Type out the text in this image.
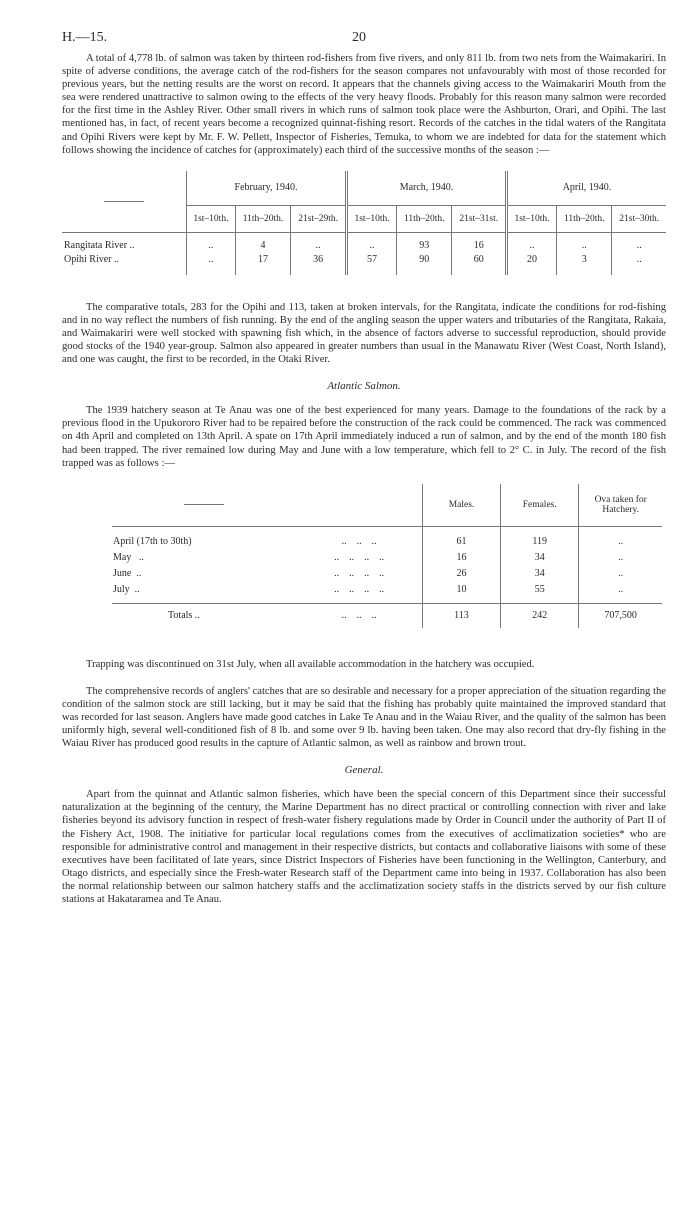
H.—15.	20

A total of 4,778 lb. of salmon was taken by thirteen rod-fishers from five rivers, and only 811 lb. from two nets from the Waimakariri. In spite of adverse conditions, the average catch of the rod-fishers for the season compares not unfavourably with most of those recorded for previous years, but the netting results are the worst on record. It appears that the channels giving access to the Waimakariri Mouth from the sea were rendered unattractive to salmon owing to the effects of the very heavy floods. Probably for this reason many salmon were recorded for the first time in the Ashley River. Other small rivers in which runs of salmon took place were the Ashburton, Orari, and Opihi. The last mentioned has, in fact, of recent years become a recognized quinnat-fishing resort. Records of the catches in the tidal waters of the Rangitata and Opihi Rivers were kept by Mr. F. W. Pellett, Inspector of Fisheries, Temuka, to whom we are indebted for data for the statement which follows showing the incidence of catches for (approximately) each third of the successive months of the season :—

	February, 1940.			March, 1940.			April, 1940.		
	1st–10th.	11th–20th.	21st–29th.	1st–10th.	11th–20th.	21st–31st.	1st–10th.	11th–20th.	21st–30th.
Rangitata River ..	..	4	..	..	93	16	..	..	..
Opihi River ..	..	17	36	57	90	60	20	3	..

The comparative totals, 283 for the Opihi and 113, taken at broken intervals, for the Rangitata, indicate the conditions for rod-fishing and in no way reflect the numbers of fish running. By the end of the angling season the upper waters and tributaries of the Rangitata, Rakaia, and Waimakariri were well stocked with spawning fish which, in the absence of factors adverse to successful reproduction, should provide good stocks of the 1940 year-group. Salmon also appeared in greater numbers than usual in the Manawatu River (West Coast, North Island), and one was caught, the first to be recorded, in the Otaki River.

Atlantic Salmon.

The 1939 hatchery season at Te Anau was one of the best experienced for many years. Damage to the foundations of the rack by a previous flood in the Upukororo River had to be repaired before the construction of the rack could be commenced. The rack was commenced on 4th April and completed on 13th April. A spate on 17th April immediately induced a run of salmon, and by the end of the month 180 fish had been trapped. The river remained low during May and June with a low temperature, which fell to 2° C. in July. The record of the fish trapped was as follows :—

		Males.	Females.	Ova taken for Hatchery.
April (17th to 30th)	..    ..    ..	61	119	..
May   ..	..    ..    ..    ..	16	34	..
June  ..	..    ..    ..    ..	26	34	..
July  ..	..    ..    ..    ..	10	55	..
Totals ..	..    ..    ..	113	242	707,500

Trapping was discontinued on 31st July, when all available accommodation in the hatchery was occupied.

The comprehensive records of anglers' catches that are so desirable and necessary for a proper appreciation of the situation regarding the condition of the salmon stock are still lacking, but it may be said that the fishing has probably quite maintained the improved standard that was recorded for last season. Anglers have made good catches in Lake Te Anau and in the Waiau River, and the quality of the salmon has been uniformly high, several well-conditioned fish of 8 lb. and some over 9 lb. having been taken. One may also record that dry-fly fishing in the Waiau River has produced good results in the capture of Atlantic salmon, as well as rainbow and brown trout.

General.

Apart from the quinnat and Atlantic salmon fisheries, which have been the special concern of this Department since their successful naturalization at the beginning of the century, the Marine Department has no direct practical or controlling connection with river and lake fisheries beyond its advisory function in respect of fresh-water fishery regulations made by Order in Council under the authority of Part II of the Fishery Act, 1908. The initiative for particular local regulations comes from the executives of acclimatization societies* who are responsible for administrative control and management in their respective districts, but contacts and collaborative liaisons with some of these executives have been facilitated of late years, since District Inspectors of Fisheries have been functioning in the Wellington, Canterbury, and Otago districts, and especially since the Fresh-water Research staff of the Department came into being in 1937. Collaboration has also been the normal relationship between our salmon hatchery staffs and the acclimatization society staffs in the districts served by our fish culture stations at Hakataramea and Te Anau.
